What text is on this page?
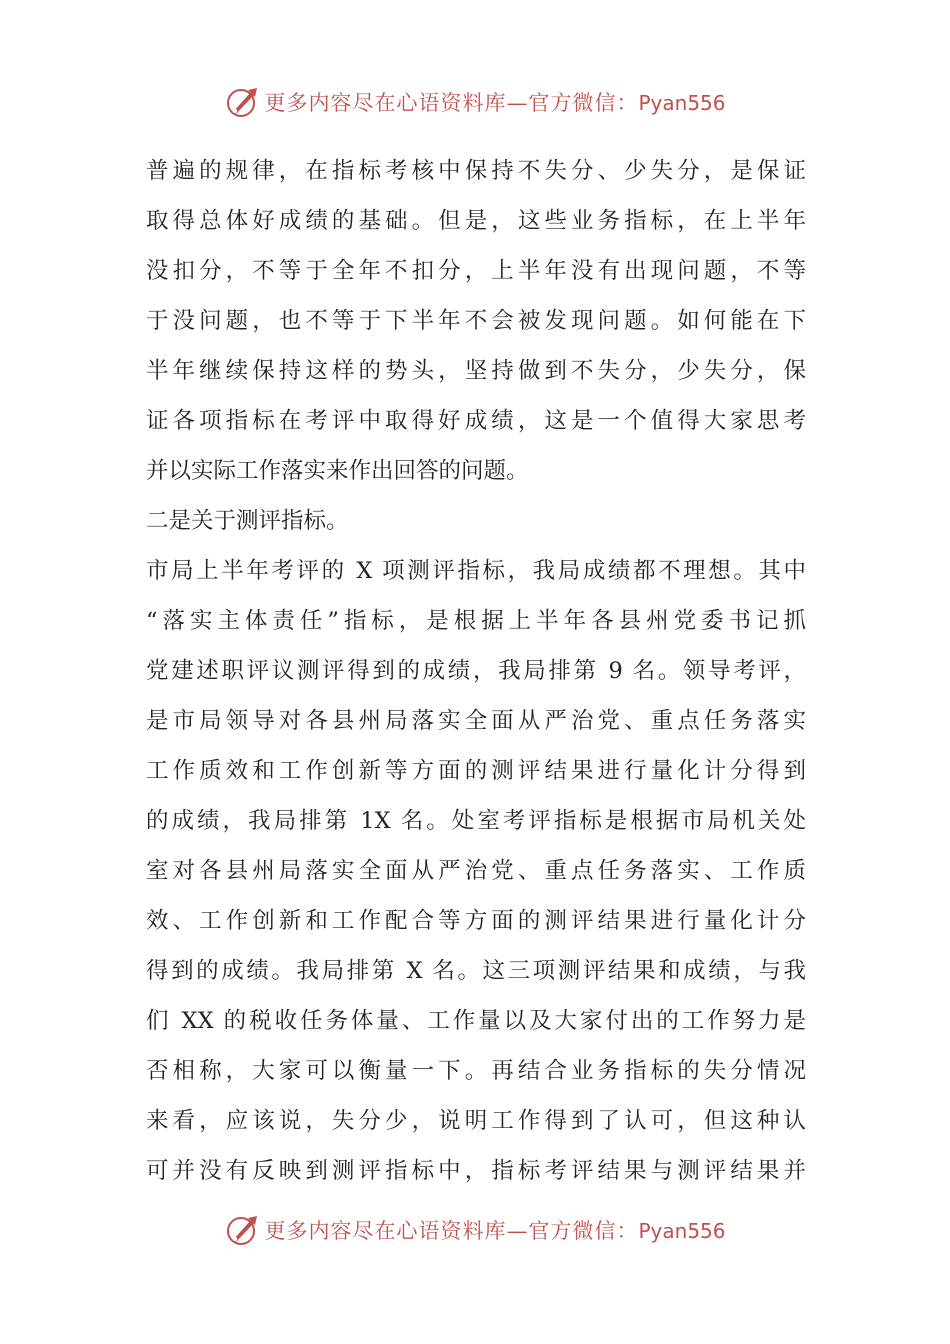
更多内容尽在心语资料库—官方微信：Pyan556
普遍的规律，在指标考核中保持不失分、少失分，是保证
取得总体好成绩的基础。但是，这些业务指标，在上半年
没扣分，不等于全年不扣分，上半年没有出现问题，不等
于没问题，也不等于下半年不会被发现问题。如何能在下
半年继续保持这样的势头，坚持做到不失分，少失分，保
证各项指标在考评中取得好成绩，这是一个值得大家思考
并以实际工作落实来作出回答的问题。
二是关于测评指标。
市局上半年考评的 X 项测评指标，我局成绩都不理想。其中
“落实主体责任”指标，是根据上半年各县州党委书记抓
党建述职评议测评得到的成绩，我局排第 9 名。领导考评，
是市局领导对各县州局落实全面从严治党、重点任务落实
工作质效和工作创新等方面的测评结果进行量化计分得到
的成绩，我局排第 1X 名。处室考评指标是根据市局机关处
室对各县州局落实全面从严治党、重点任务落实、工作质
效、工作创新和工作配合等方面的测评结果进行量化计分
得到的成绩。我局排第 X 名。这三项测评结果和成绩，与我
们 XX 的税收任务体量、工作量以及大家付出的工作努力是
否相称，大家可以衡量一下。再结合业务指标的失分情况
来看，应该说，失分少，说明工作得到了认可，但这种认
可并没有反映到测评指标中，指标考评结果与测评结果并
更多内容尽在心语资料库—官方微信：Pyan556
